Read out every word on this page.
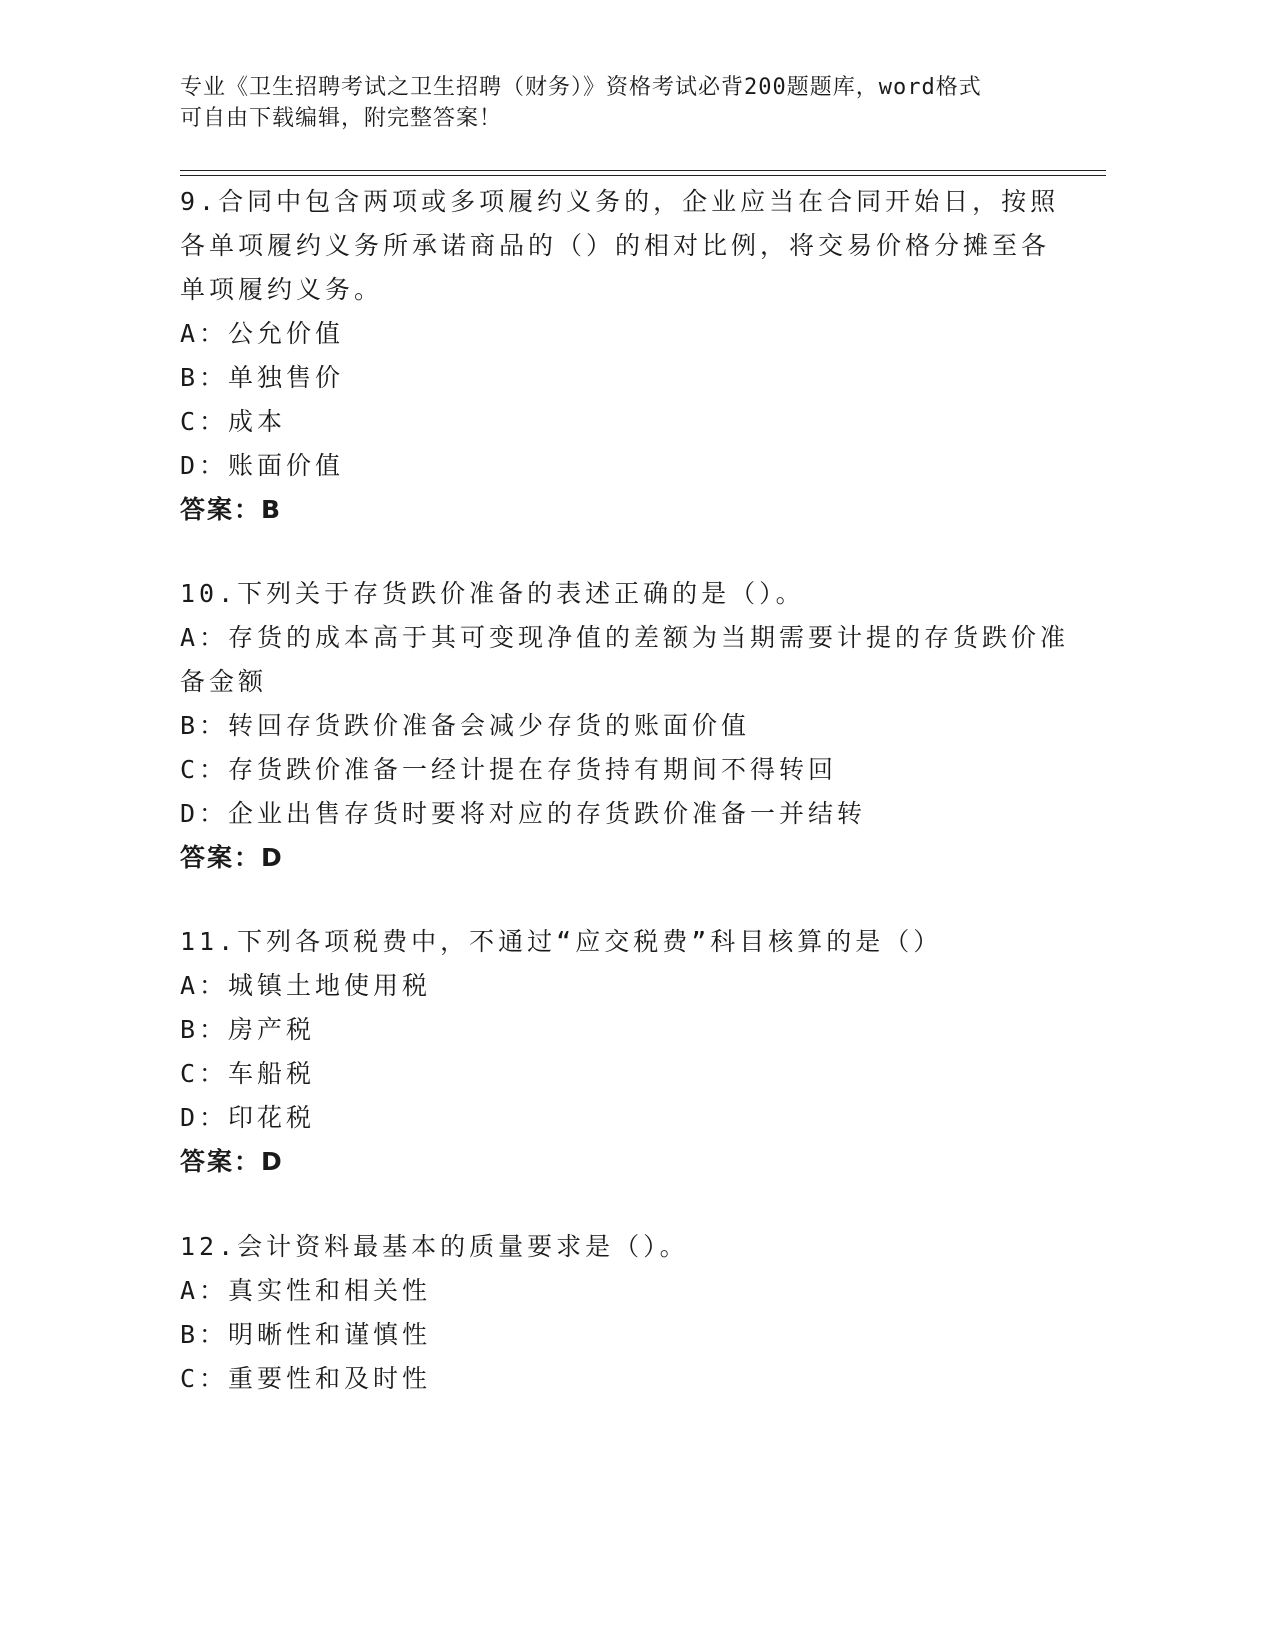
专业《卫生招聘考试之卫生招聘（财务）》资格考试必背200题题库，word格式
可自由下载编辑，附完整答案！
9.合同中包含两项或多项履约义务的，企业应当在合同开始日，按照
各单项履约义务所承诺商品的（）的相对比例，将交易价格分摊至各
单项履约义务。
A：公允价值
B：单独售价
C：成本
D：账面价值
答案：B
10.下列关于存货跌价准备的表述正确的是（）。
A：存货的成本高于其可变现净值的差额为当期需要计提的存货跌价准
备金额
B：转回存货跌价准备会减少存货的账面价值
C：存货跌价准备一经计提在存货持有期间不得转回
D：企业出售存货时要将对应的存货跌价准备一并结转
答案：D
11.下列各项税费中，不通过“应交税费”科目核算的是（）
A：城镇土地使用税
B：房产税
C：车船税
D：印花税
答案：D
12.会计资料最基本的质量要求是（）。
A：真实性和相关性
B：明晰性和谨慎性
C：重要性和及时性
